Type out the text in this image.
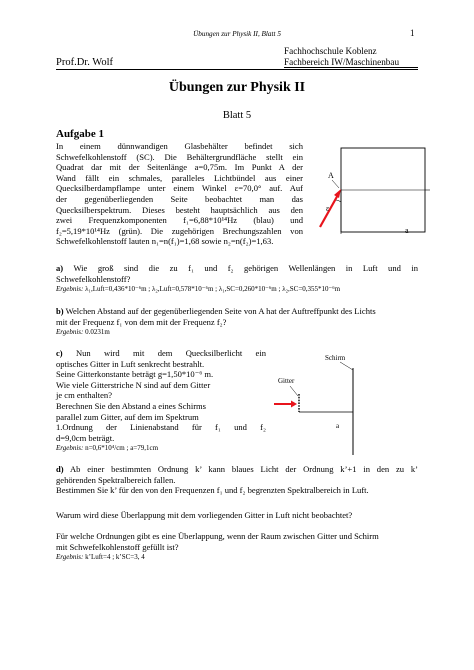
Übungen zur Physik II, Blatt 5	1
Fachhochschule Koblenz
Prof.Dr. Wolf	Fachbereich IW/Maschinenbau
Übungen zur Physik II
Blatt 5
Aufgabe 1
In einem dünnwandigen Glasbehälter befindet sich
Schwefelkohlenstoff (SC). Die Behältergrundfläche stellt ein
Quadrat dar mit der Seitenlänge a=0,75m. Im Punkt A der
Wand fällt ein schmales, paralleles Lichtbündel aus einer
Quecksilberdampflampe unter einem Winkel ε=70,0° auf. Auf
der gegenüberliegenden Seite beobachtet man das
Quecksilberspektrum. Dieses besteht hauptsächlich aus den
zwei Frequenzkomponenten f₁=6,88*10¹⁴Hz (blau) und
f₂=5,19*10¹⁴Hz (grün). Die zugehörigen Brechungszahlen von
Schwefelkohlenstoff lauten n₁=n(f₁)=1,68 sowie n₂=n(f₂)=1,63.
A
ε
a
a) Wie groß sind die zu f₁ und f₂ gehörigen Wellenlängen in Luft und in
Schwefelkohlenstoff?
Ergebnis: λ₁,Luft=0,436*10⁻⁶m ; λ₂,Luft=0,578*10⁻⁶m ; λ₁,SC=0,260*10⁻⁶m ; λ₂,SC=0,355*10⁻⁶m
b) Welchen Abstand auf der gegenüberliegenden Seite von A hat der Auftreffpunkt des Lichts
mit der Frequenz f₁ von dem mit der Frequenz f₂?
Ergebnis: 0.0231m
c) Nun wird mit dem Quecksilberlicht ein
optisches Gitter in Luft senkrecht bestrahlt.
Seine Gitterkonstante beträgt g=1,50*10⁻⁶ m.
Wie viele Gitterstriche N sind auf dem Gitter
je cm enthalten?
Berechnen Sie den Abstand a eines Schirms
parallel zum Gitter, auf dem im Spektrum
1.Ordnung der Linienabstand für f₁ und f₂
d=9,0cm beträgt.
Ergebnis: n=0,6*10⁴/cm ; a=79,1cm
Schirm
Gitter
a
d) Ab einer bestimmten Ordnung k’ kann blaues Licht der Ordnung k’+1 in den zu k’
gehörenden Spektralbereich fallen.
Bestimmen Sie k’ für den von den Frequenzen f₁ und f₂ begrenzten Spektralbereich in Luft.
Warum wird diese Überlappung mit dem vorliegenden Gitter in Luft nicht beobachtet?
Für welche Ordnungen gibt es eine Überlappung, wenn der Raum zwischen Gitter und Schirm
mit Schwefelkohlenstoff gefüllt ist?
Ergebnis: k’Luft=4 ; k’SC=3, 4
